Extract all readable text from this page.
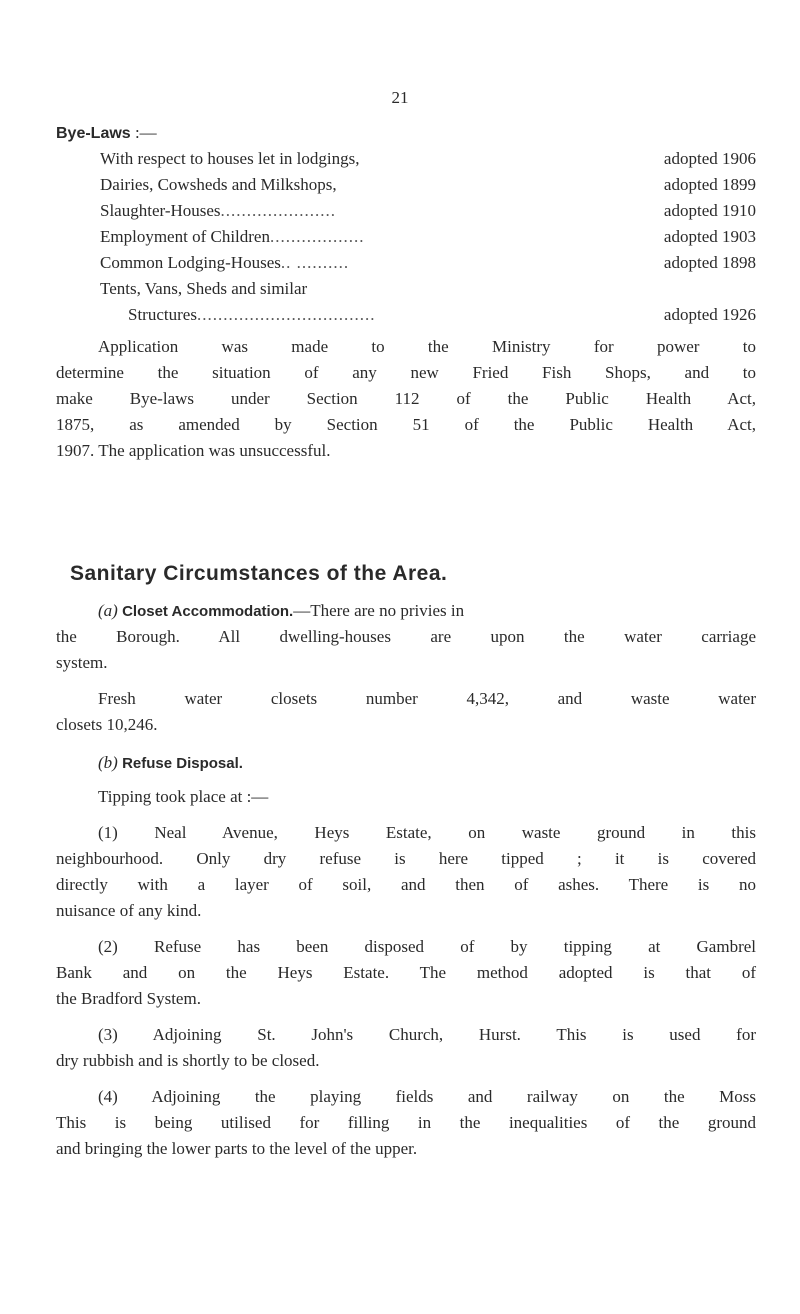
21
Bye-Laws :—
With respect to houses let in lodgings,
	adopted 1906
Dairies, Cowsheds and Milkshops,	adopted 1899
Slaughter-Houses ......................	adopted 1910
Employment of Children ..................	adopted 1903
Common Lodging-Houses .. ..........	adopted 1898
Tents, Vans, Sheds and similar
Structures ..................................	adopted 1926
Application was made to the Ministry for power to
determine the situation of any new Fried Fish Shops, and to
make Bye-laws under Section 112 of the Public Health Act,
1875, as amended by Section 51 of the Public Health Act,
1907. The application was unsuccessful.
Sanitary Circumstances of the Area.
(a) Closet Accommodation.—There are no privies in
the Borough. All dwelling-houses are upon the water carriage
system.
Fresh water closets number 4,342, and waste water
closets 10,246.
(b) Refuse Disposal.
Tipping took place at :—
(1) Neal Avenue, Heys Estate, on waste ground in this
neighbourhood. Only dry refuse is here tipped ; it is covered
directly with a layer of soil, and then of ashes. There is no
nuisance of any kind.
(2) Refuse has been disposed of by tipping at Gambrel
Bank and on the Heys Estate. The method adopted is that of
the Bradford System.
(3) Adjoining St. John's Church, Hurst. This is used for
dry rubbish and is shortly to be closed.
(4) Adjoining the playing fields and railway on the Moss
This is being utilised for filling in the inequalities of the ground
and bringing the lower parts to the level of the upper.
